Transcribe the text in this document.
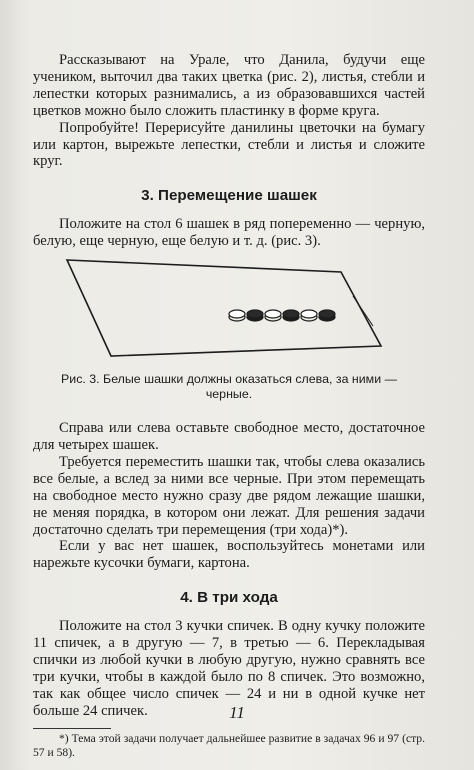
Рассказывают на Урале, что Данила, будучи еще учеником, выточил два таких цветка (рис. 2), листья, стебли и лепестки которых разнимались, а из образовавшихся частей цветков можно было сложить пластинку в форме круга.

Попробуйте! Перерисуйте данилины цветочки на бумагу или картон, вырежьте лепестки, стебли и листья и сложите круг.

3. Перемещение шашек

Положите на стол 6 шашек в ряд попеременно — черную, белую, еще черную, еще белую и т. д. (рис. 3).

Рис. 3. Белые шашки должны оказаться слева, за ними — черные.

Справа или слева оставьте свободное место, достаточное для четырех шашек.

Требуется переместить шашки так, чтобы слева оказались все белые, а вслед за ними все черные. При этом перемещать на свободное место нужно сразу две рядом лежащие шашки, не меняя порядка, в котором они лежат. Для решения задачи достаточно сделать три перемещения (три хода)*).

Если у вас нет шашек, воспользуйтесь монетами или нарежьте кусочки бумаги, картона.

4. В три хода

Положите на стол 3 кучки спичек. В одну кучку положите 11 спичек, а в другую — 7, в третью — 6. Перекладывая спички из любой кучки в любую другую, нужно сравнять все три кучки, чтобы в каждой было по 8 спичек. Это возможно, так как общее число спичек — 24 и ни в одной кучке нет больше 24 спичек.

*) Тема этой задачи получает дальнейшее развитие в задачах 96 и 97 (стр. 57 и 58).

11
